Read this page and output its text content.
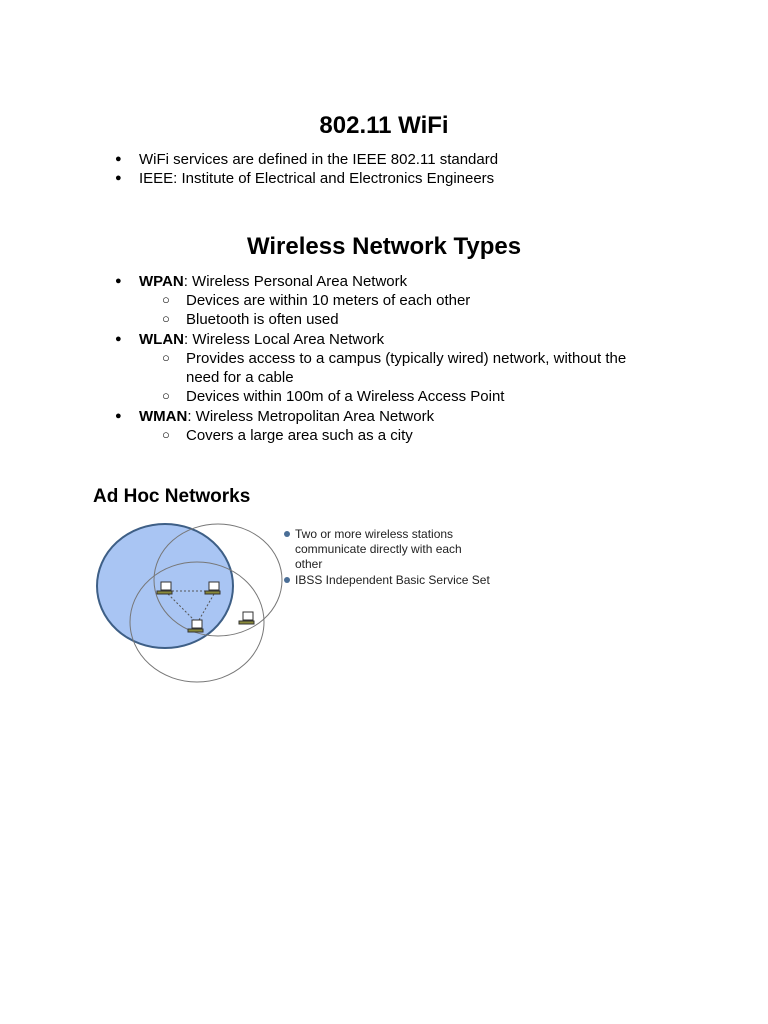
802.11 WiFi
● WiFi services are defined in the IEEE 802.11 standard
● IEEE: Institute of Electrical and Electronics Engineers
Wireless Network Types
● WPAN: Wireless Personal Area Network
○ Devices are within 10 meters of each other
○ Bluetooth is often used
● WLAN: Wireless Local Area Network
○ Provides access to a campus (typically wired) network, without the
need for a cable
○ Devices within 100m of a Wireless Access Point
● WMAN: Wireless Metropolitan Area Network
○ Covers a large area such as a city
Ad Hoc Networks
Two or more wireless stations
communicate directly with each
other
IBSS Independent Basic Service Set
